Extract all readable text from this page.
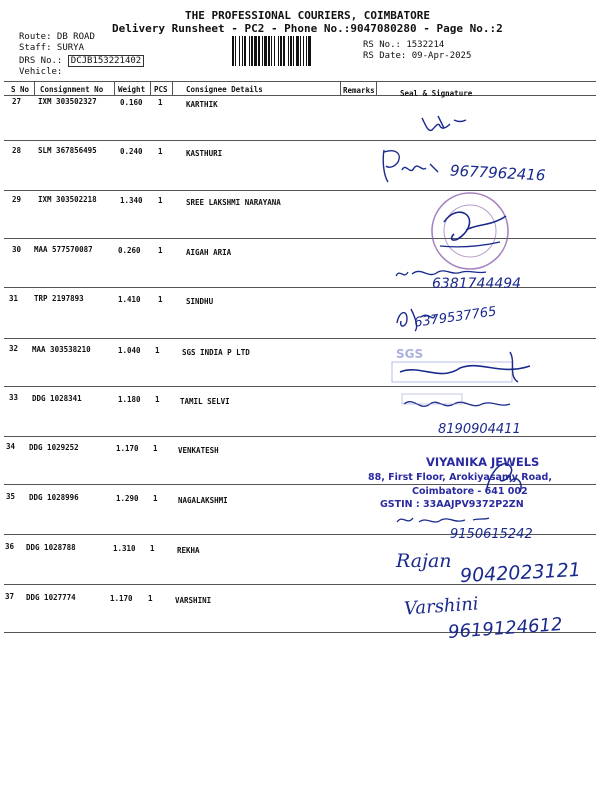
THE PROFESSIONAL COURIERS, COIMBATORE
Delivery Runsheet - PC2 - Phone No.:9047080280 - Page No.:2
Route: DB ROAD
Staff: SURYA
DRS No.: DCJB153221402
Vehicle:
RS No.: 1532214
RS Date: 09-Apr-2025
S No Consignment No Weight PCS Consignee Details	Remarks	Seal & Signature
27 IXM 303502327	0.160 1	KARTHIK
28 SLM 367856495	0.240 1	KASTHURI
29 IXM 303502218	1.340 1	SREE LAKSHMI NARAYANA
30 MAA 577570087	0.260 1	AIGAH ARIA
31 TRP 2197893	1.410 1	SINDHU
32 MAA 303538210	1.040 1	SGS INDIA P LTD
33 DDG 1028341	1.180 1	TAMIL SELVI
34 DDG 1029252	1.170 1	VENKATESH
35 DDG 1028996	1.290 1	NAGALAKSHMI
36 DDG 1028788	1.310 1	REKHA
37 DDG 1027774	1.170 1	VARSHINI
9677962416
6381744494
6379537765
SGS
8190904411
VIYANIKA JEWELS
88, First Floor, Arokiyasamy Road,
Coimbatore - 641 002
GSTIN : 33AAJPV9372P2ZN
9150615242
Rajan 9042023121
Varshini
9619124612
